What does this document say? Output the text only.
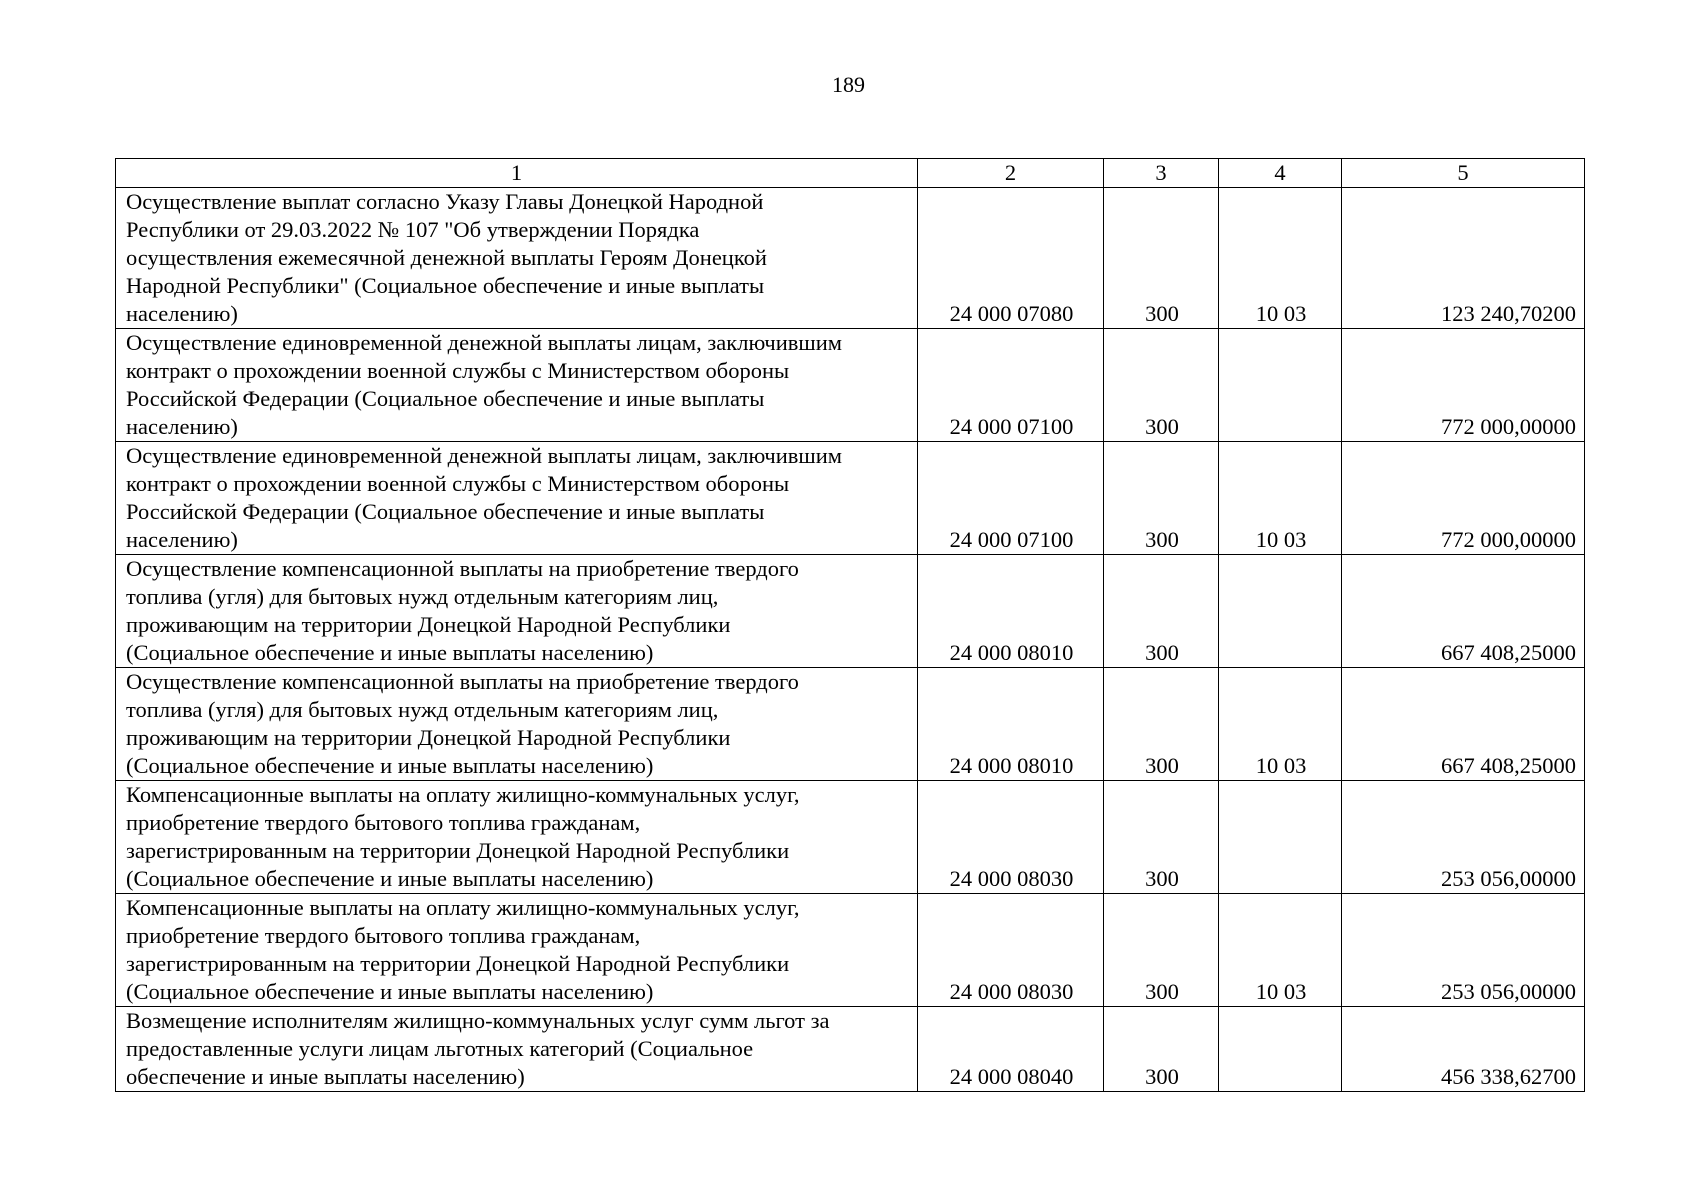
189
1	2	3	4	5

Осуществление выплат согласно Указу Главы Донецкой Народной
Республики от 29.03.2022 № 107 "Об утверждении Порядка
осуществления ежемесячной денежной выплаты Героям Донецкой
Народной Республики" (Социальное обеспечение и иные выплаты
населению)	24 000 07080	300	10 03	123 240,70200

Осуществление единовременной денежной выплаты лицам, заключившим
контракт о прохождении военной службы с Министерством обороны
Российской Федерации (Социальное обеспечение и иные выплаты
населению)	24 000 07100	300		772 000,00000

Осуществление единовременной денежной выплаты лицам, заключившим
контракт о прохождении военной службы с Министерством обороны
Российской Федерации (Социальное обеспечение и иные выплаты
населению)	24 000 07100	300	10 03	772 000,00000

Осуществление компенсационной выплаты на приобретение твердого
топлива (угля) для бытовых нужд отдельным категориям лиц,
проживающим на территории Донецкой Народной Республики
(Социальное обеспечение и иные выплаты населению)	24 000 08010	300		667 408,25000

Осуществление компенсационной выплаты на приобретение твердого
топлива (угля) для бытовых нужд отдельным категориям лиц,
проживающим на территории Донецкой Народной Республики
(Социальное обеспечение и иные выплаты населению)	24 000 08010	300	10 03	667 408,25000

Компенсационные выплаты на оплату жилищно-коммунальных услуг,
приобретение твердого бытового топлива гражданам,
зарегистрированным на территории Донецкой Народной Республики
(Социальное обеспечение и иные выплаты населению)	24 000 08030	300		253 056,00000

Компенсационные выплаты на оплату жилищно-коммунальных услуг,
приобретение твердого бытового топлива гражданам,
зарегистрированным на территории Донецкой Народной Республики
(Социальное обеспечение и иные выплаты населению)	24 000 08030	300	10 03	253 056,00000

Возмещение исполнителям жилищно-коммунальных услуг сумм льгот за
предоставленные услуги лицам льготных категорий (Социальное
обеспечение и иные выплаты населению)	24 000 08040	300		456 338,62700
